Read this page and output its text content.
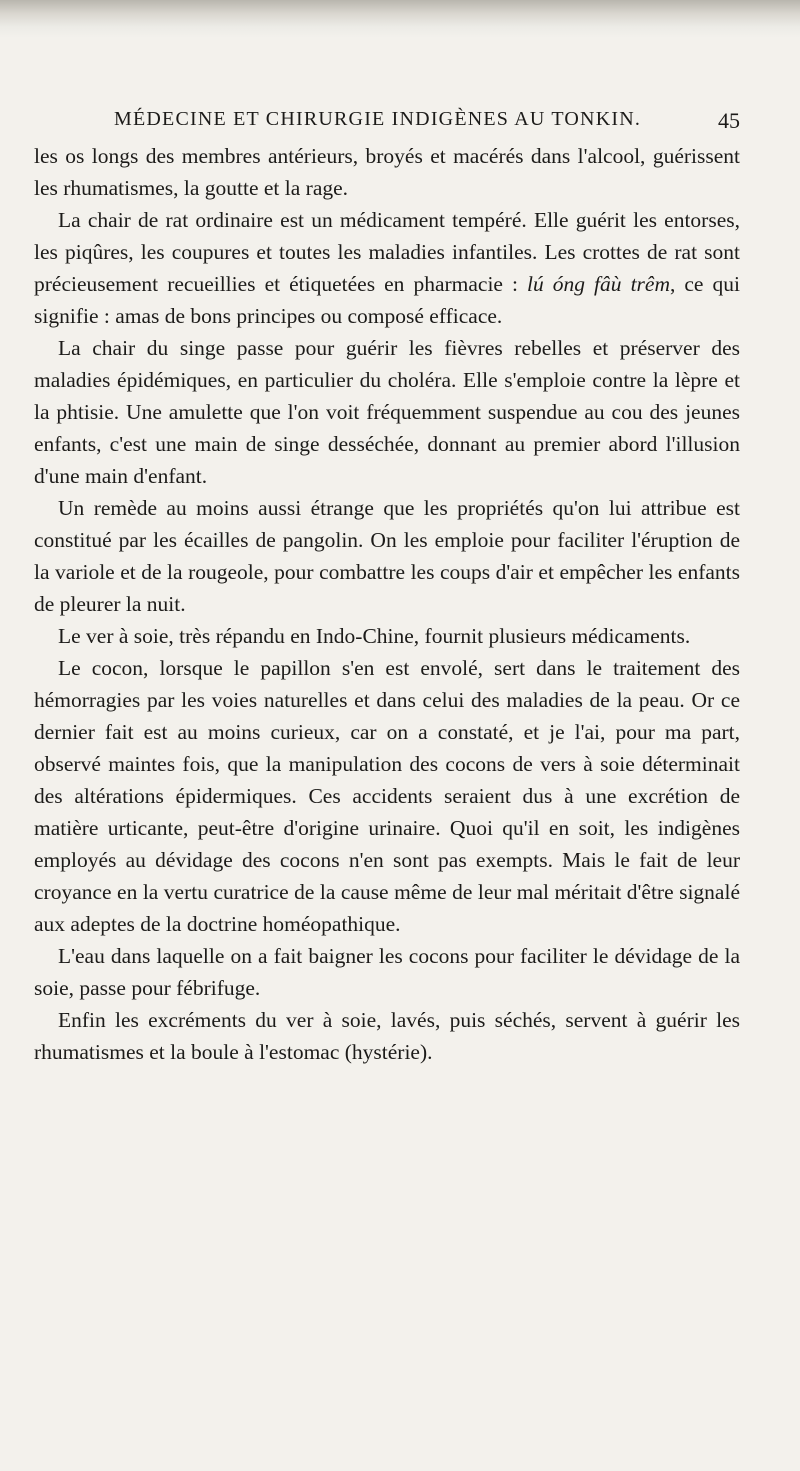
MÉDECINE ET CHIRURGIE INDIGÈNES AU TONKIN.	45

les os longs des membres antérieurs, broyés et macérés dans l'alcool, guérissent les rhumatismes, la goutte et la rage.

La chair de rat ordinaire est un médicament tempéré. Elle guérit les entorses, les piqûres, les coupures et toutes les maladies infantiles. Les crottes de rat sont précieusement recueillies et étiquetées en pharmacie : lú óng fâù trêm, ce qui signifie : amas de bons principes ou composé efficace.

La chair du singe passe pour guérir les fièvres rebelles et préserver des maladies épidémiques, en particulier du choléra. Elle s'emploie contre la lèpre et la phtisie. Une amulette que l'on voit fréquemment suspendue au cou des jeunes enfants, c'est une main de singe desséchée, donnant au premier abord l'illusion d'une main d'enfant.

Un remède au moins aussi étrange que les propriétés qu'on lui attribue est constitué par les écailles de pangolin. On les emploie pour faciliter l'éruption de la variole et de la rougeole, pour combattre les coups d'air et empêcher les enfants de pleurer la nuit.

Le ver à soie, très répandu en Indo-Chine, fournit plusieurs médicaments.

Le cocon, lorsque le papillon s'en est envolé, sert dans le traitement des hémorragies par les voies naturelles et dans celui des maladies de la peau. Or ce dernier fait est au moins curieux, car on a constaté, et je l'ai, pour ma part, observé maintes fois, que la manipulation des cocons de vers à soie déterminait des altérations épidermiques. Ces accidents seraient dus à une excrétion de matière urticante, peut-être d'origine urinaire. Quoi qu'il en soit, les indigènes employés au dévidage des cocons n'en sont pas exempts. Mais le fait de leur croyance en la vertu curatrice de la cause même de leur mal méritait d'être signalé aux adeptes de la doctrine homéopathique.

L'eau dans laquelle on a fait baigner les cocons pour faciliter le dévidage de la soie, passe pour fébrifuge.

Enfin les excréments du ver à soie, lavés, puis séchés, servent à guérir les rhumatismes et la boule à l'estomac (hystérie).
